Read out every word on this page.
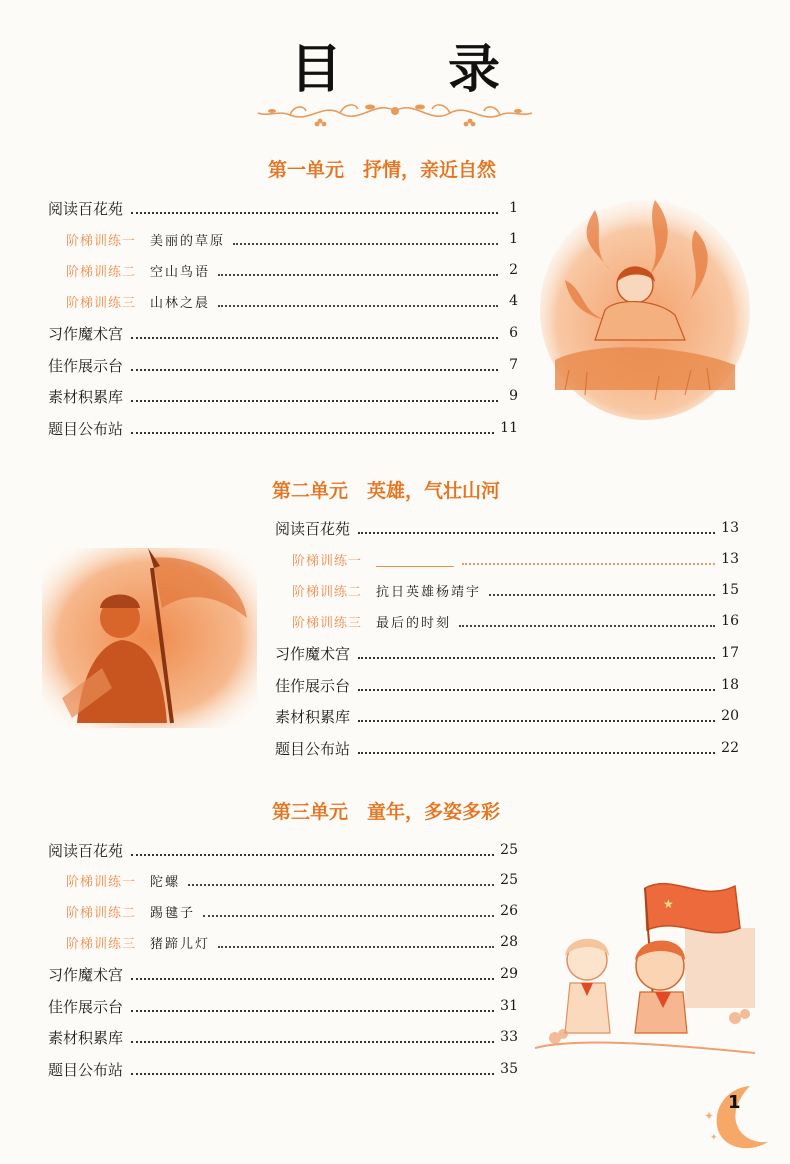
目 录
第一单元　抒情，亲近自然
阅读百花苑	1
阶梯训练一 美丽的草原	1
阶梯训练二 空山鸟语	2
阶梯训练三 山林之晨	4
习作魔术宫	6
佳作展示台	7
素材积累库	9
题目公布站	11
第二单元　英雄，气壮山河
阅读百花苑	13
阶梯训练一	13
阶梯训练二 抗日英雄杨靖宇	15
阶梯训练三 最后的时刻	16
习作魔术宫	17
佳作展示台	18
素材积累库	20
题目公布站	22
第三单元　童年，多姿多彩
阅读百花苑	25
阶梯训练一 陀螺	25
阶梯训练二 踢毽子	26
阶梯训练三 猪蹄儿灯	28
习作魔术宫	29
佳作展示台	31
素材积累库	33
题目公布站	35
★
✦
✦
1
